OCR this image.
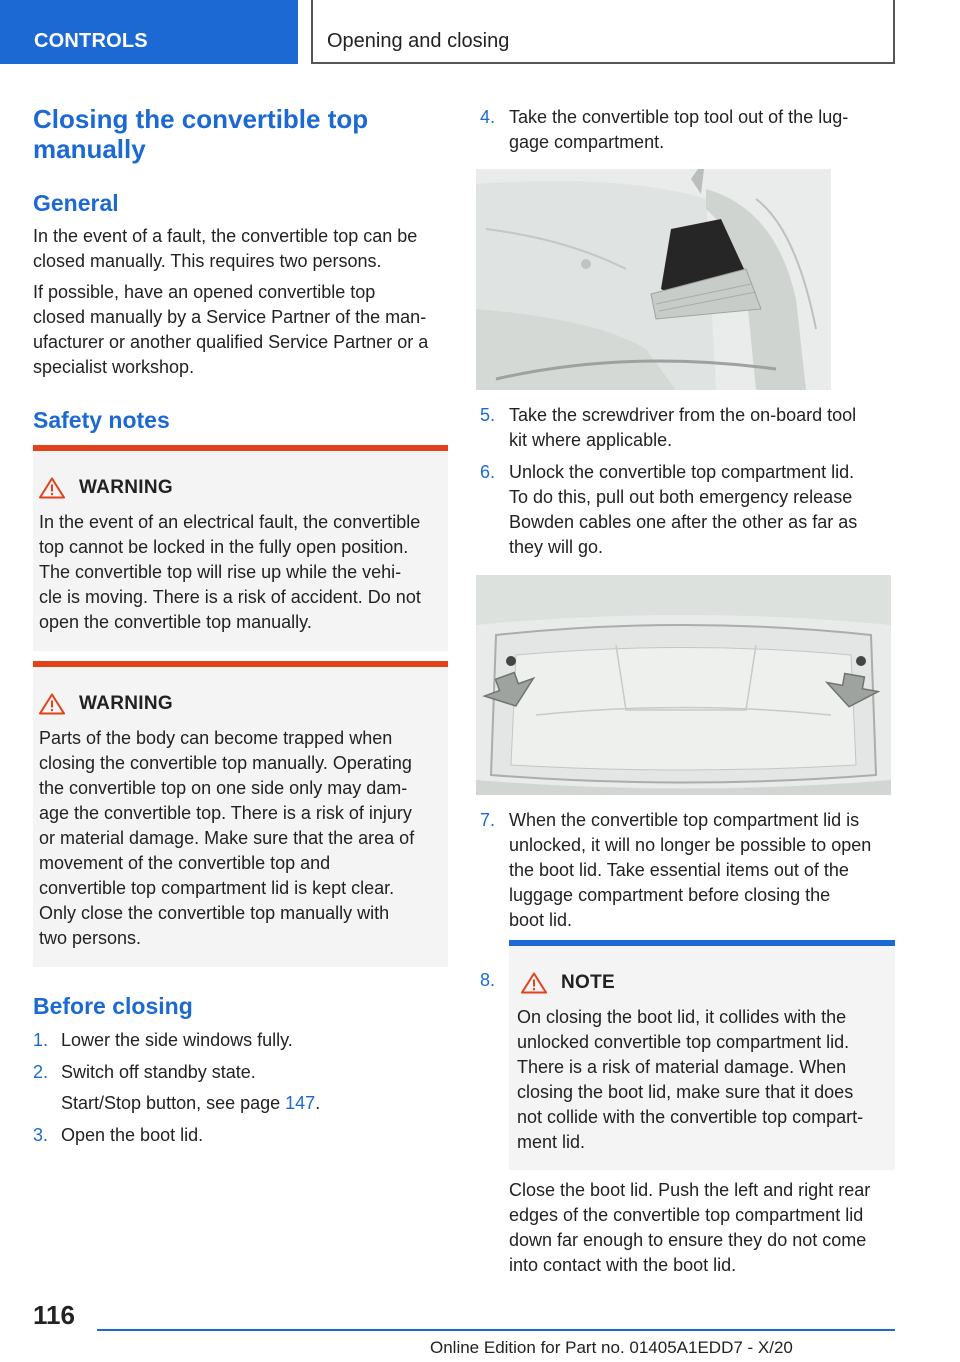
CONTROLS	Opening and closing
Closing the convertible top
manually
General
In the event of a fault, the convertible top can be
closed manually. This requires two persons.
If possible, have an opened convertible top
closed manually by a Service Partner of the man‐
ufacturer or another qualified Service Partner or a
specialist workshop.
Safety notes
WARNING
In the event of an electrical fault, the convertible
top cannot be locked in the fully open position.
The convertible top will rise up while the vehi‐
cle is moving. There is a risk of accident. Do not
open the convertible top manually.
WARNING
Parts of the body can become trapped when
closing the convertible top manually. Operating
the convertible top on one side only may dam‐
age the convertible top. There is a risk of injury
or material damage. Make sure that the area of
movement of the convertible top and
convertible top compartment lid is kept clear.
Only close the convertible top manually with
two persons.
Before closing
1. Lower the side windows fully.
2. Switch off standby state.
Start/Stop button, see page 147.
3. Open the boot lid.
4. Take the convertible top tool out of the lug‐
gage compartment.
5. Take the screwdriver from the on-board tool
kit where applicable.
6. Unlock the convertible top compartment lid.
To do this, pull out both emergency release
Bowden cables one after the other as far as
they will go.
7. When the convertible top compartment lid is
unlocked, it will no longer be possible to open
the boot lid. Take essential items out of the
luggage compartment before closing the
boot lid.
8.	NOTE
On closing the boot lid, it collides with the
unlocked convertible top compartment lid.
There is a risk of material damage. When
closing the boot lid, make sure that it does
not collide with the convertible top compart‐
ment lid.
Close the boot lid. Push the left and right rear
edges of the convertible top compartment lid
down far enough to ensure they do not come
into contact with the boot lid.
116
Online Edition for Part no. 01405A1EDD7 - X/20
